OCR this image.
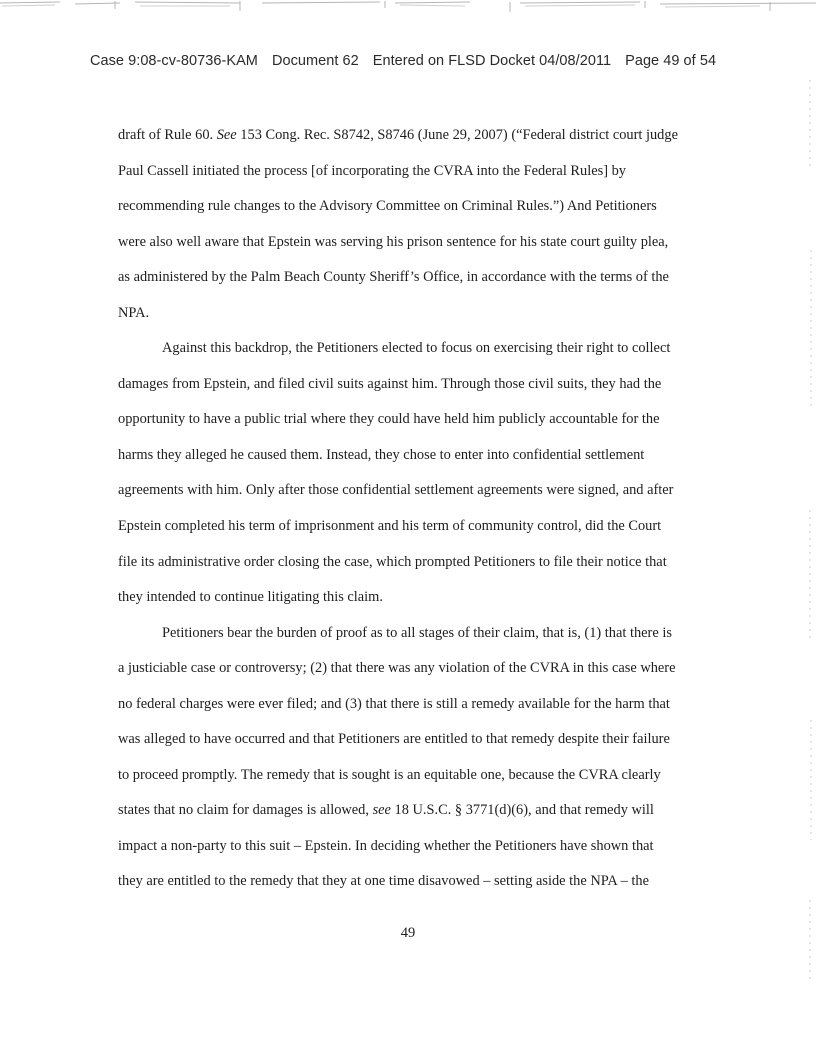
Case 9:08-cv-80736-KAM Document 62 Entered on FLSD Docket 04/08/2011 Page 49 of 54
draft of Rule 60. See 153 Cong. Rec. S8742, S8746 (June 29, 2007) (“Federal district court judge
Paul Cassell initiated the process [of incorporating the CVRA into the Federal Rules] by
recommending rule changes to the Advisory Committee on Criminal Rules.”) And Petitioners
were also well aware that Epstein was serving his prison sentence for his state court guilty plea,
as administered by the Palm Beach County Sheriff’s Office, in accordance with the terms of the
NPA.
Against this backdrop, the Petitioners elected to focus on exercising their right to collect
damages from Epstein, and filed civil suits against him. Through those civil suits, they had the
opportunity to have a public trial where they could have held him publicly accountable for the
harms they alleged he caused them. Instead, they chose to enter into confidential settlement
agreements with him. Only after those confidential settlement agreements were signed, and after
Epstein completed his term of imprisonment and his term of community control, did the Court
file its administrative order closing the case, which prompted Petitioners to file their notice that
they intended to continue litigating this claim.
Petitioners bear the burden of proof as to all stages of their claim, that is, (1) that there is
a justiciable case or controversy; (2) that there was any violation of the CVRA in this case where
no federal charges were ever filed; and (3) that there is still a remedy available for the harm that
was alleged to have occurred and that Petitioners are entitled to that remedy despite their failure
to proceed promptly. The remedy that is sought is an equitable one, because the CVRA clearly
states that no claim for damages is allowed, see 18 U.S.C. § 3771(d)(6), and that remedy will
impact a non-party to this suit – Epstein. In deciding whether the Petitioners have shown that
they are entitled to the remedy that they at one time disavowed – setting aside the NPA – the
49
